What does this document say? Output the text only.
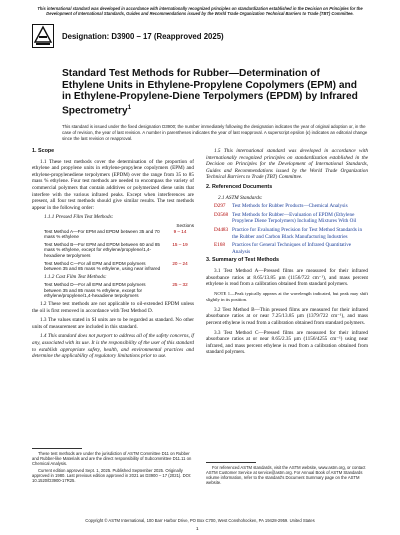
This international standard was developed in accordance with internationally recognized principles on standardization established in the Decision on Principles for the Development of International Standards, Guides and Recommendations issued by the World Trade Organization Technical Barriers to Trade (TBT) Committee.
Designation: D3900 – 17 (Reapproved 2025)
Standard Test Methods for Rubber—Determination of Ethylene Units in Ethylene-Propylene Copolymers (EPM) and in Ethylene-Propylene-Diene Terpolymers (EPDM) by Infrared Spectrometry$^1$
This standard is issued under the fixed designation D3900; the number immediately following the designation indicates the year of original adoption or, in the case of revision, the year of last revision. A number in parentheses indicates the year of last reapproval. A superscript epsilon (ε) indicates an editorial change since the last revision or reapproval.
1. Scope
1.1 These test methods cover the determination of the proportion of ethylene and propylene units in ethylene-propylene copolymers (EPM) and ethylene-propylenediene terpolymers (EPDM) over the range from 35 to 85 mass % ethylene. Four test methods are needed to encompass the variety of commercial polymers that contain additives or polymerized diene units that interfere with the various infrared peaks. Except when interferences are present, all four test methods should give similar results. The test methods appear in the following order:
1.1.1 Pressed Film Test Methods:
Sections
Test Method A—For EPM and EPDM between 35 and 70 mass % ethylene
9 – 14
Test Method B—For EPM and EPDM between 60 and 85 mass % ethylene, except for ethylene/propylene/1,4-hexadiene terpolymers
15 – 19
Test Method C—For all EPM and EPDM polymers between 35 and 85 mass % ethylene, using near infrared
20 – 24
1.1.2 Cast Film Test Methods:
Test Method D—For all EPM and EPDM polymers between 35 and 85 mass % ethylene, except for ethylene/propylene/1,4-hexadiene terpolymers
25 – 32
1.2 These test methods are not applicable to oil-extended EPDM unless the oil is first removed in accordance with Test Method D.
1.3 The values stated in SI units are to be regarded as standard. No other units of measurement are included in this standard.
1.4 This standard does not purport to address all of the safety concerns, if any, associated with its use. It is the responsibility of the user of this standard to establish appropriate safety, health, and environmental practices and determine the applicability of regulatory limitations prior to use.
These test methods are under the jurisdiction of ASTM Committee D11 on Rubber and Rubber-like Materials and are the direct responsibility of Subcommittee D11.11 on Chemical Analysis.
Current edition approved Sept. 1, 2025. Published September 2025. Originally approved in 1980. Last previous edition approved in 2021 as D3900 – 17 (2021). DOI: 10.1520/D3900-17R25.
1.5 This international standard was developed in accordance with internationally recognized principles on standardization established in the Decision on Principles for the Development of International Standards, Guides and Recommendations issued by the World Trade Organization Technical Barriers to Trade (TBT) Committee.
2. Referenced Documents
2.1 ASTM Standards:
D297	Test Methods for Rubber Products—Chemical Analysis
D3568 Test Methods for Rubber—Evaluation of EPDM (Ethylene Propylene Diene Terpolymers) Including Mixtures With Oil
D4483 Practice for Evaluating Precision for Test Method Standards in the Rubber and Carbon Black Manufacturing Industries
E168	Practices for General Techniques of Infrared Quantitative Analysis
3. Summary of Test Methods
3.1 Test Method A—Pressed films are measured for their infrared absorbance ratios at 8.65/13.85 µm (1156/722 cm⁻¹), and mass percent ethylene is read from a calibration obtained from standard polymers.
NOTE 1—Peak typically appears at the wavelength indicated, but peak may shift slightly in its position.
3.2 Test Method B—Thin pressed films are measured for their infrared absorbance ratios at or near 7.25/13.85 µm (1379/722 cm⁻¹), and mass percent ethylene is read from a calibration obtained from standard polymers.
3.3 Test Method C—Pressed films are measured for their infrared absorbance ratios at or near 8.65/2.35 µm (1156/4255 cm⁻¹) using near infrared, and mass percent ethylene is read from a calibration obtained from standard polymers.
For referenced ASTM standards, visit the ASTM website, www.astm.org, or contact ASTM Customer Service at service@astm.org. For Annual Book of ASTM Standards volume information, refer to the standard's Document Summary page on the ASTM website.
Copyright © ASTM International, 100 Barr Harbor Drive, PO Box C700, West Conshohocken, PA 19428-2959. United States
1
